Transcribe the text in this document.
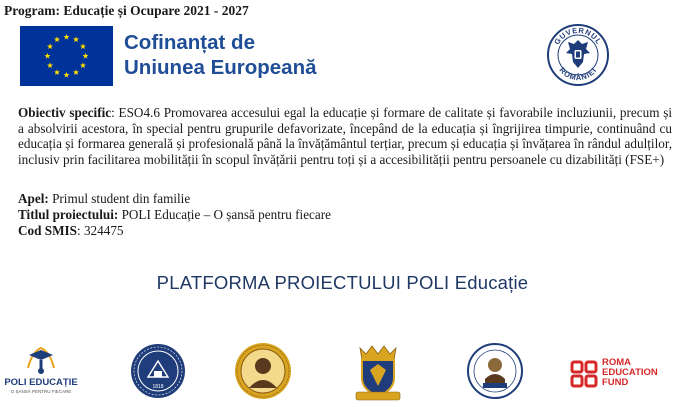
Program: Educație și Ocupare 2021 - 2027
Cofinanțat de
Uniunea Europeană
GUVERNUL
ROMÂNIEI
Obiectiv specific: ESO4.6 Promovarea accesului egal la educație și formare de calitate și favorabile incluziunii, precum și a absolvirii acestora, în special pentru grupurile defavorizate, începând de la educația și îngrijirea timpurie, continuând cu educația și formarea generală și profesională până la învățământul terțiar, precum și educația și învățarea în rândul adulților, inclusiv prin facilitarea mobilității în scopul învățării pentru toți și a accesibilității pentru persoanele cu dizabilități (FSE+)
Apel: Primul student din familie
Titlul proiectului: POLI Educație – O șansă pentru fiecare
Cod SMIS: 324475
PLATFORMA PROIECTULUI POLI Educație
POLI EDUCAȚIE
O ȘANSĂ PENTRU FIECARE
1818
ROMA
EDUCATION
FUND
